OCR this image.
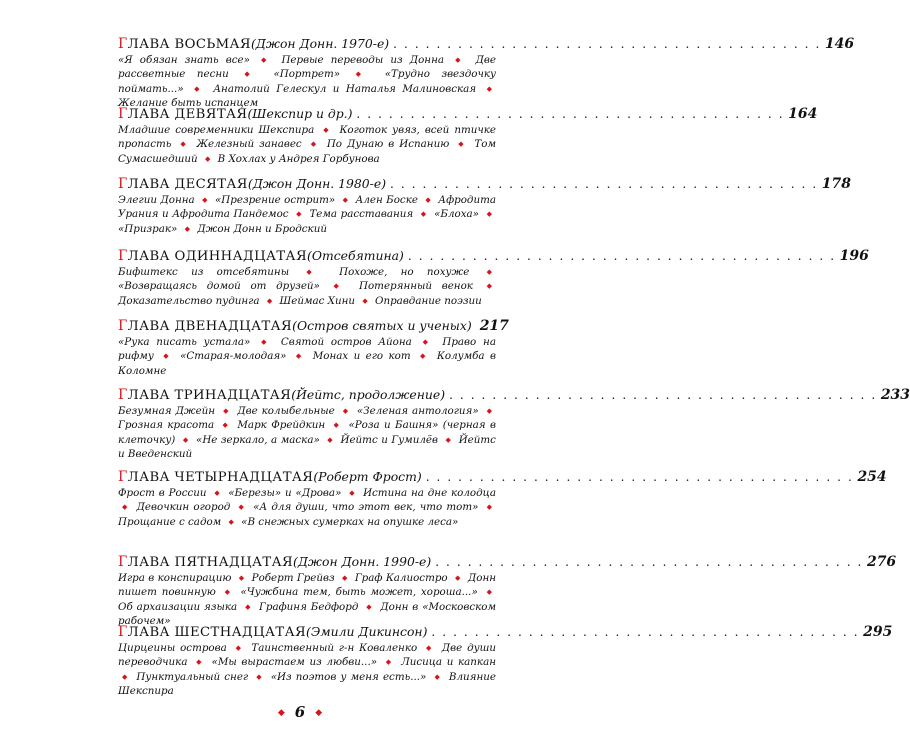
Г ЛАВА ВОСЬМАЯ (Джон Донн. 1970-е) . . . . . . . . . . . . . . . . . . . . . . . . . . . . . . . . . . . . . . . . 146

«Я обязан знать все» ◆ Первые переводы из Донна ◆ Две рассветные песни ◆ «Портрет» ◆ «Трудно звездочку поймать...» ◆ Анатолий Гелескул и Наталья Малиновская ◆ Желание быть испанцем

Г ЛАВА ДЕВЯТАЯ (Шекспир и др.) . . . . . . . . . . . . . . . . . . . . . . . . . . . . . . . . . . . . . . . . 164

Младшие современники Шекспира ◆ Коготок увяз, всей птичке пропасть ◆ Железный занавес ◆ По Дунаю в Испанию ◆ Том Сумасшедший ◆ В Хохлах у Андрея Горбунова

Г ЛАВА ДЕСЯТАЯ (Джон Донн. 1980-е) . . . . . . . . . . . . . . . . . . . . . . . . . . . . . . . . . . . . . . . . 178

Элегии Донна ◆ «Презрение острит» ◆ Ален Боске ◆ Афродита Урания и Афродита Пандемос ◆ Тема расставания ◆ «Блоха» ◆ «Призрак» ◆ Джон Донн и Бродский

Г ЛАВА ОДИННАДЦАТАЯ (Отсебятина) . . . . . . . . . . . . . . . . . . . . . . . . . . . . . . . . . . . . . . . . 196

Бифштекс из отсебятины ◆ Похоже, но похуже ◆ «Возвращаясь домой от друзей» ◆ Потерянный венок ◆ Доказательство пудинга ◆ Шеймас Хини ◆ Оправдание поэзии

Г ЛАВА ДВЕНАДЦАТАЯ (Остров святых и ученых) 217

«Рука писать устала» ◆ Святой остров Айона ◆ Право на рифму ◆ «Старая-молодая» ◆ Монах и его кот ◆ Колумба в Коломне

Г ЛАВА ТРИНАДЦАТАЯ (Йейтс, продолжение) . . . . . . . . . . . . . . . . . . . . . . . . . . . . . . . . . . . . . . . . 233

Безумная Джейн ◆ Две колыбельные ◆ «Зеленая антология» ◆ Грозная красота ◆ Марк Фрейдкин ◆ «Роза и Башня» (черная в клеточку) ◆ «Не зеркало, а маска» ◆ Йейтс и Гумилёв ◆ Йейтс и Введенский

Г ЛАВА ЧЕТЫРНАДЦАТАЯ (Роберт Фрост) . . . . . . . . . . . . . . . . . . . . . . . . . . . . . . . . . . . . . . . . 254

Фрост в России ◆ «Березы» и «Дрова» ◆ Истина на дне колодца ◆ Девочкин огород ◆ «А для души, что этот век, что тот» ◆ Прощание с садом ◆ «В снежных сумерках на опушке леса»

Г ЛАВА ПЯТНАДЦАТАЯ (Джон Донн. 1990-е) . . . . . . . . . . . . . . . . . . . . . . . . . . . . . . . . . . . . . . . . 276

Игра в конспирацию ◆ Роберт Грейвз ◆ Граф Калиостро ◆ Донн пишет повинную ◆ «Чужбина тем, быть может, хороша...» ◆ Об архаизации языка ◆ Графиня Бедфорд ◆ Донн в «Московском рабочем»

Г ЛАВА ШЕСТНАДЦАТАЯ (Эмили Дикинсон) . . . . . . . . . . . . . . . . . . . . . . . . . . . . . . . . . . . . . . . . 295

Цирцеины острова ◆ Таинственный г-н Коваленко ◆ Две души переводчика ◆ «Мы вырастаем из любви...» ◆ Лисица и капкан ◆ Пунктуальный снег ◆ «Из поэтов у меня есть...» ◆ Влияние Шекспира

◆ 6 ◆
